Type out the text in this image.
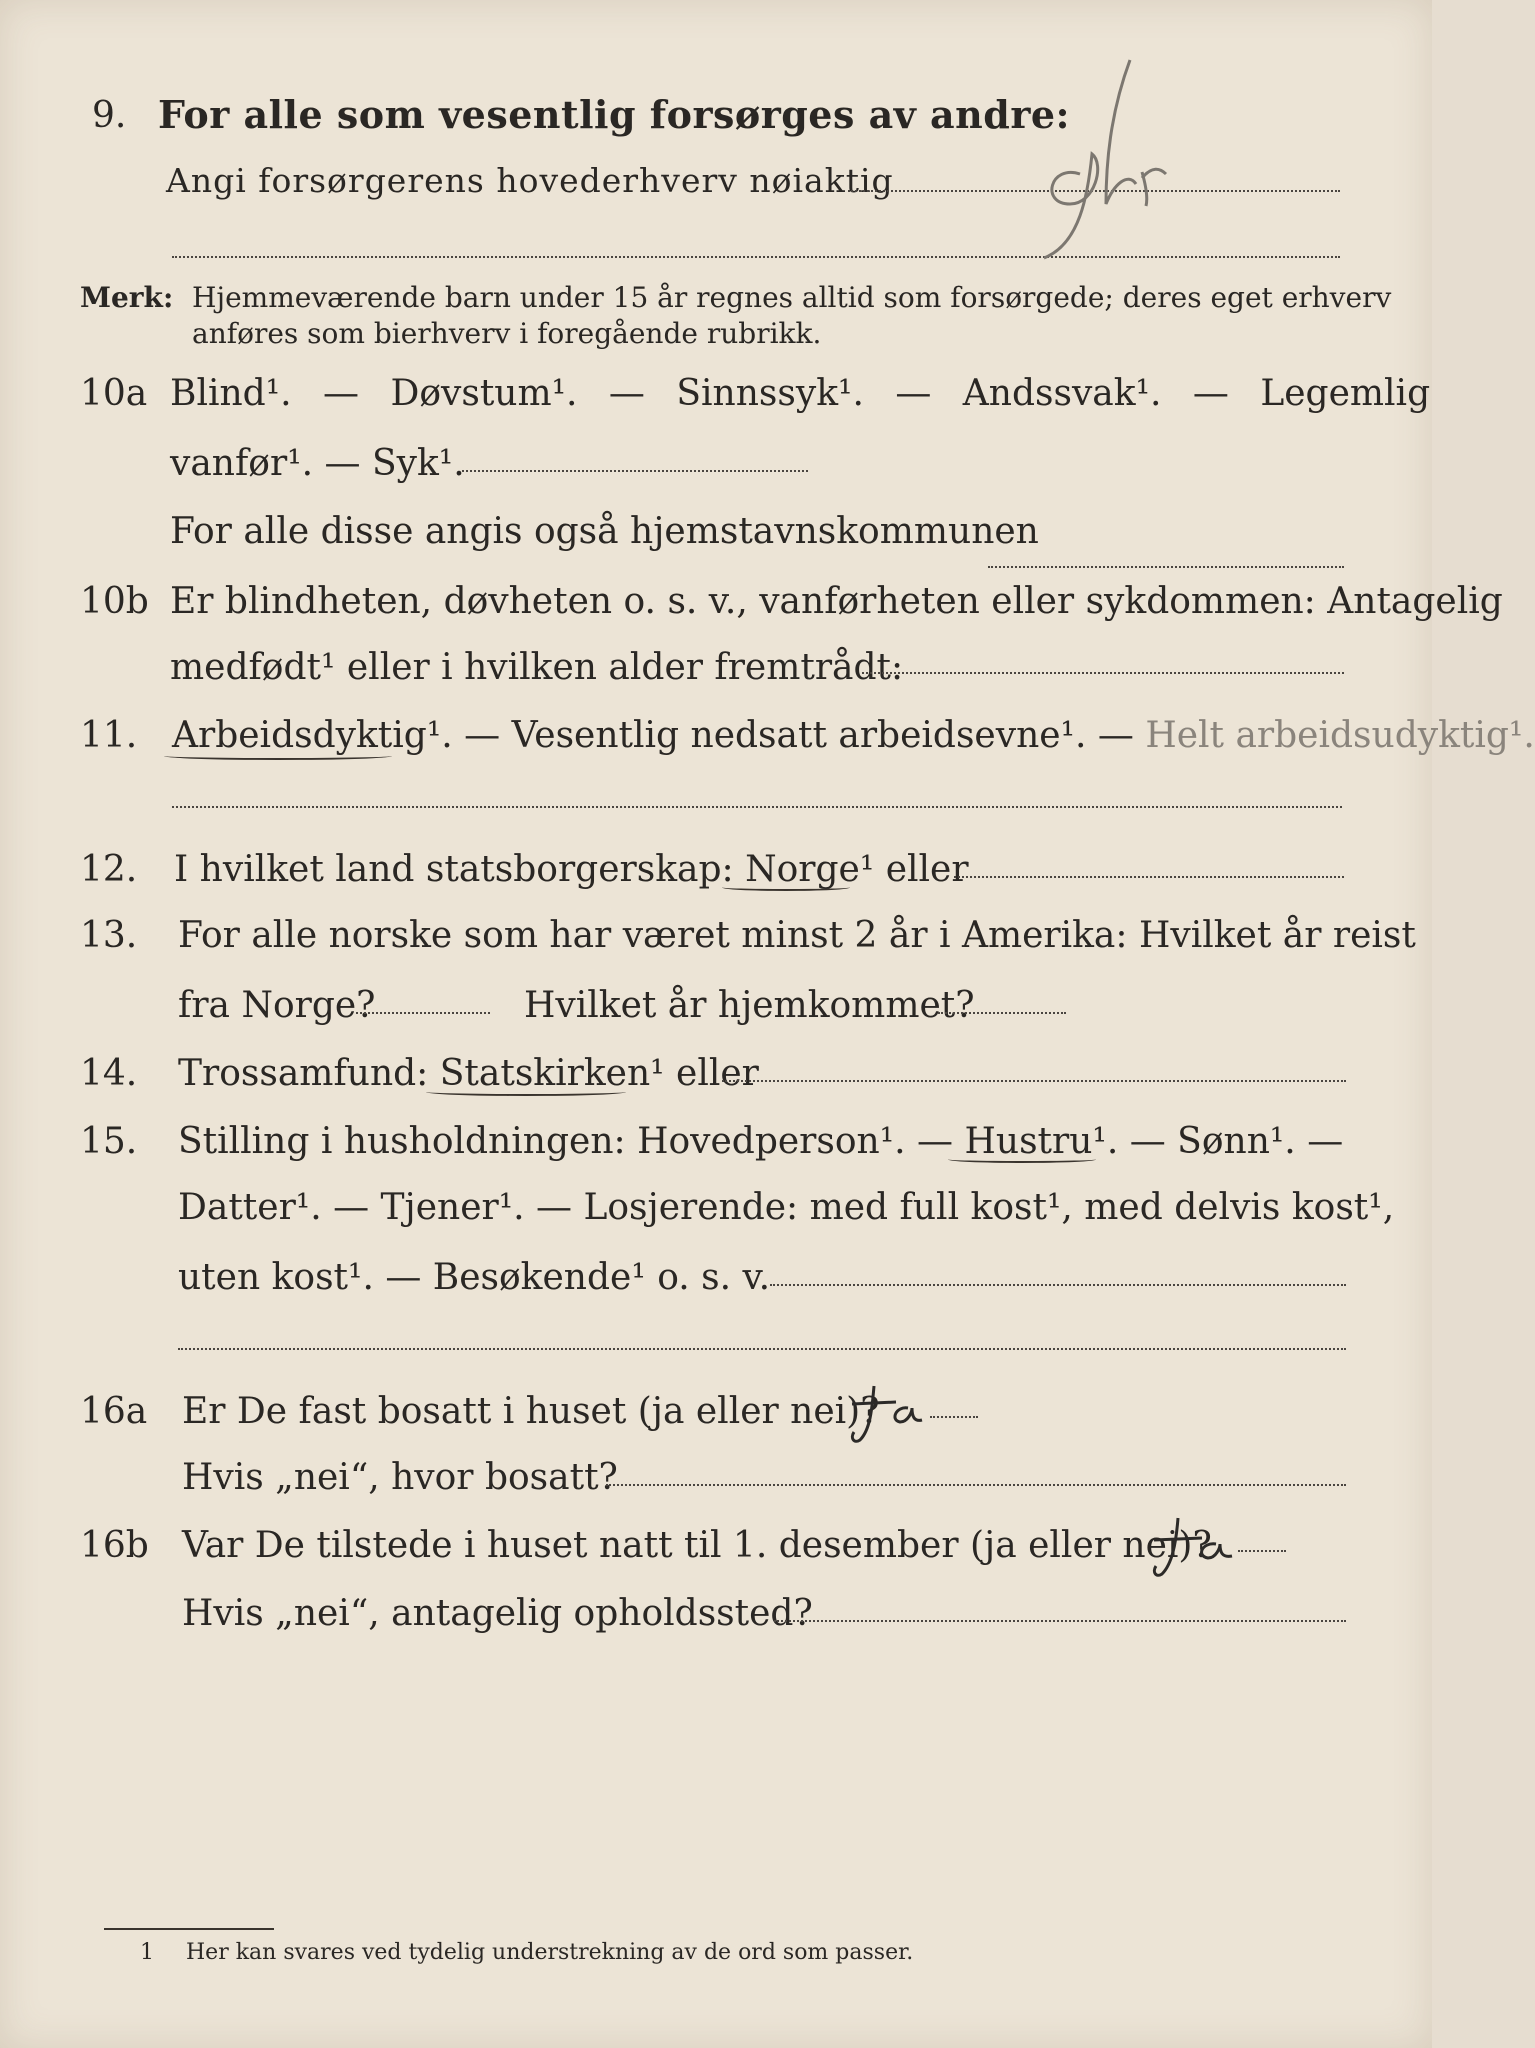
9. For alle som vesentlig forsørges av andre:
Angi forsørgerens hovederhverv nøiaktig
Merk: Hjemmeværende barn under 15 år regnes alltid som forsørgede; deres eget erhverv
anføres som bierhverv i foregående rubrikk.
10a Blind¹. — Døvstum¹. — Sinnssyk¹. — Andssvak¹. — Legemlig
vanfør¹. — Syk¹.
For alle disse angis også hjemstavnskommunen
10b Er blindheten, døvheten o. s. v., vanførheten eller sykdommen: Antagelig
medfødt¹ eller i hvilken alder fremtrådt:
11. Arbeidsdyktig¹. — Vesentlig nedsatt arbeidsevne¹. — Helt arbeidsudyktig¹.
12. I hvilket land statsborgerskap: Norge¹ eller
13. For alle norske som har været minst 2 år i Amerika: Hvilket år reist
fra Norge?	Hvilket år hjemkommet?
14. Trossamfund: Statskirken¹ eller
15. Stilling i husholdningen: Hovedperson¹. — Hustru¹. — Sønn¹. —
Datter¹. — Tjener¹. — Losjerende: med full kost¹, med delvis kost¹,
uten kost¹. — Besøkende¹ o. s. v.
16a Er De fast bosatt i huset (ja eller nei)?
Hvis „nei“, hvor bosatt?
16b Var De tilstede i huset natt til 1. desember (ja eller nei)?
Hvis „nei“, antagelig opholdssted?
1 Her kan svares ved tydelig understrekning av de ord som passer.
